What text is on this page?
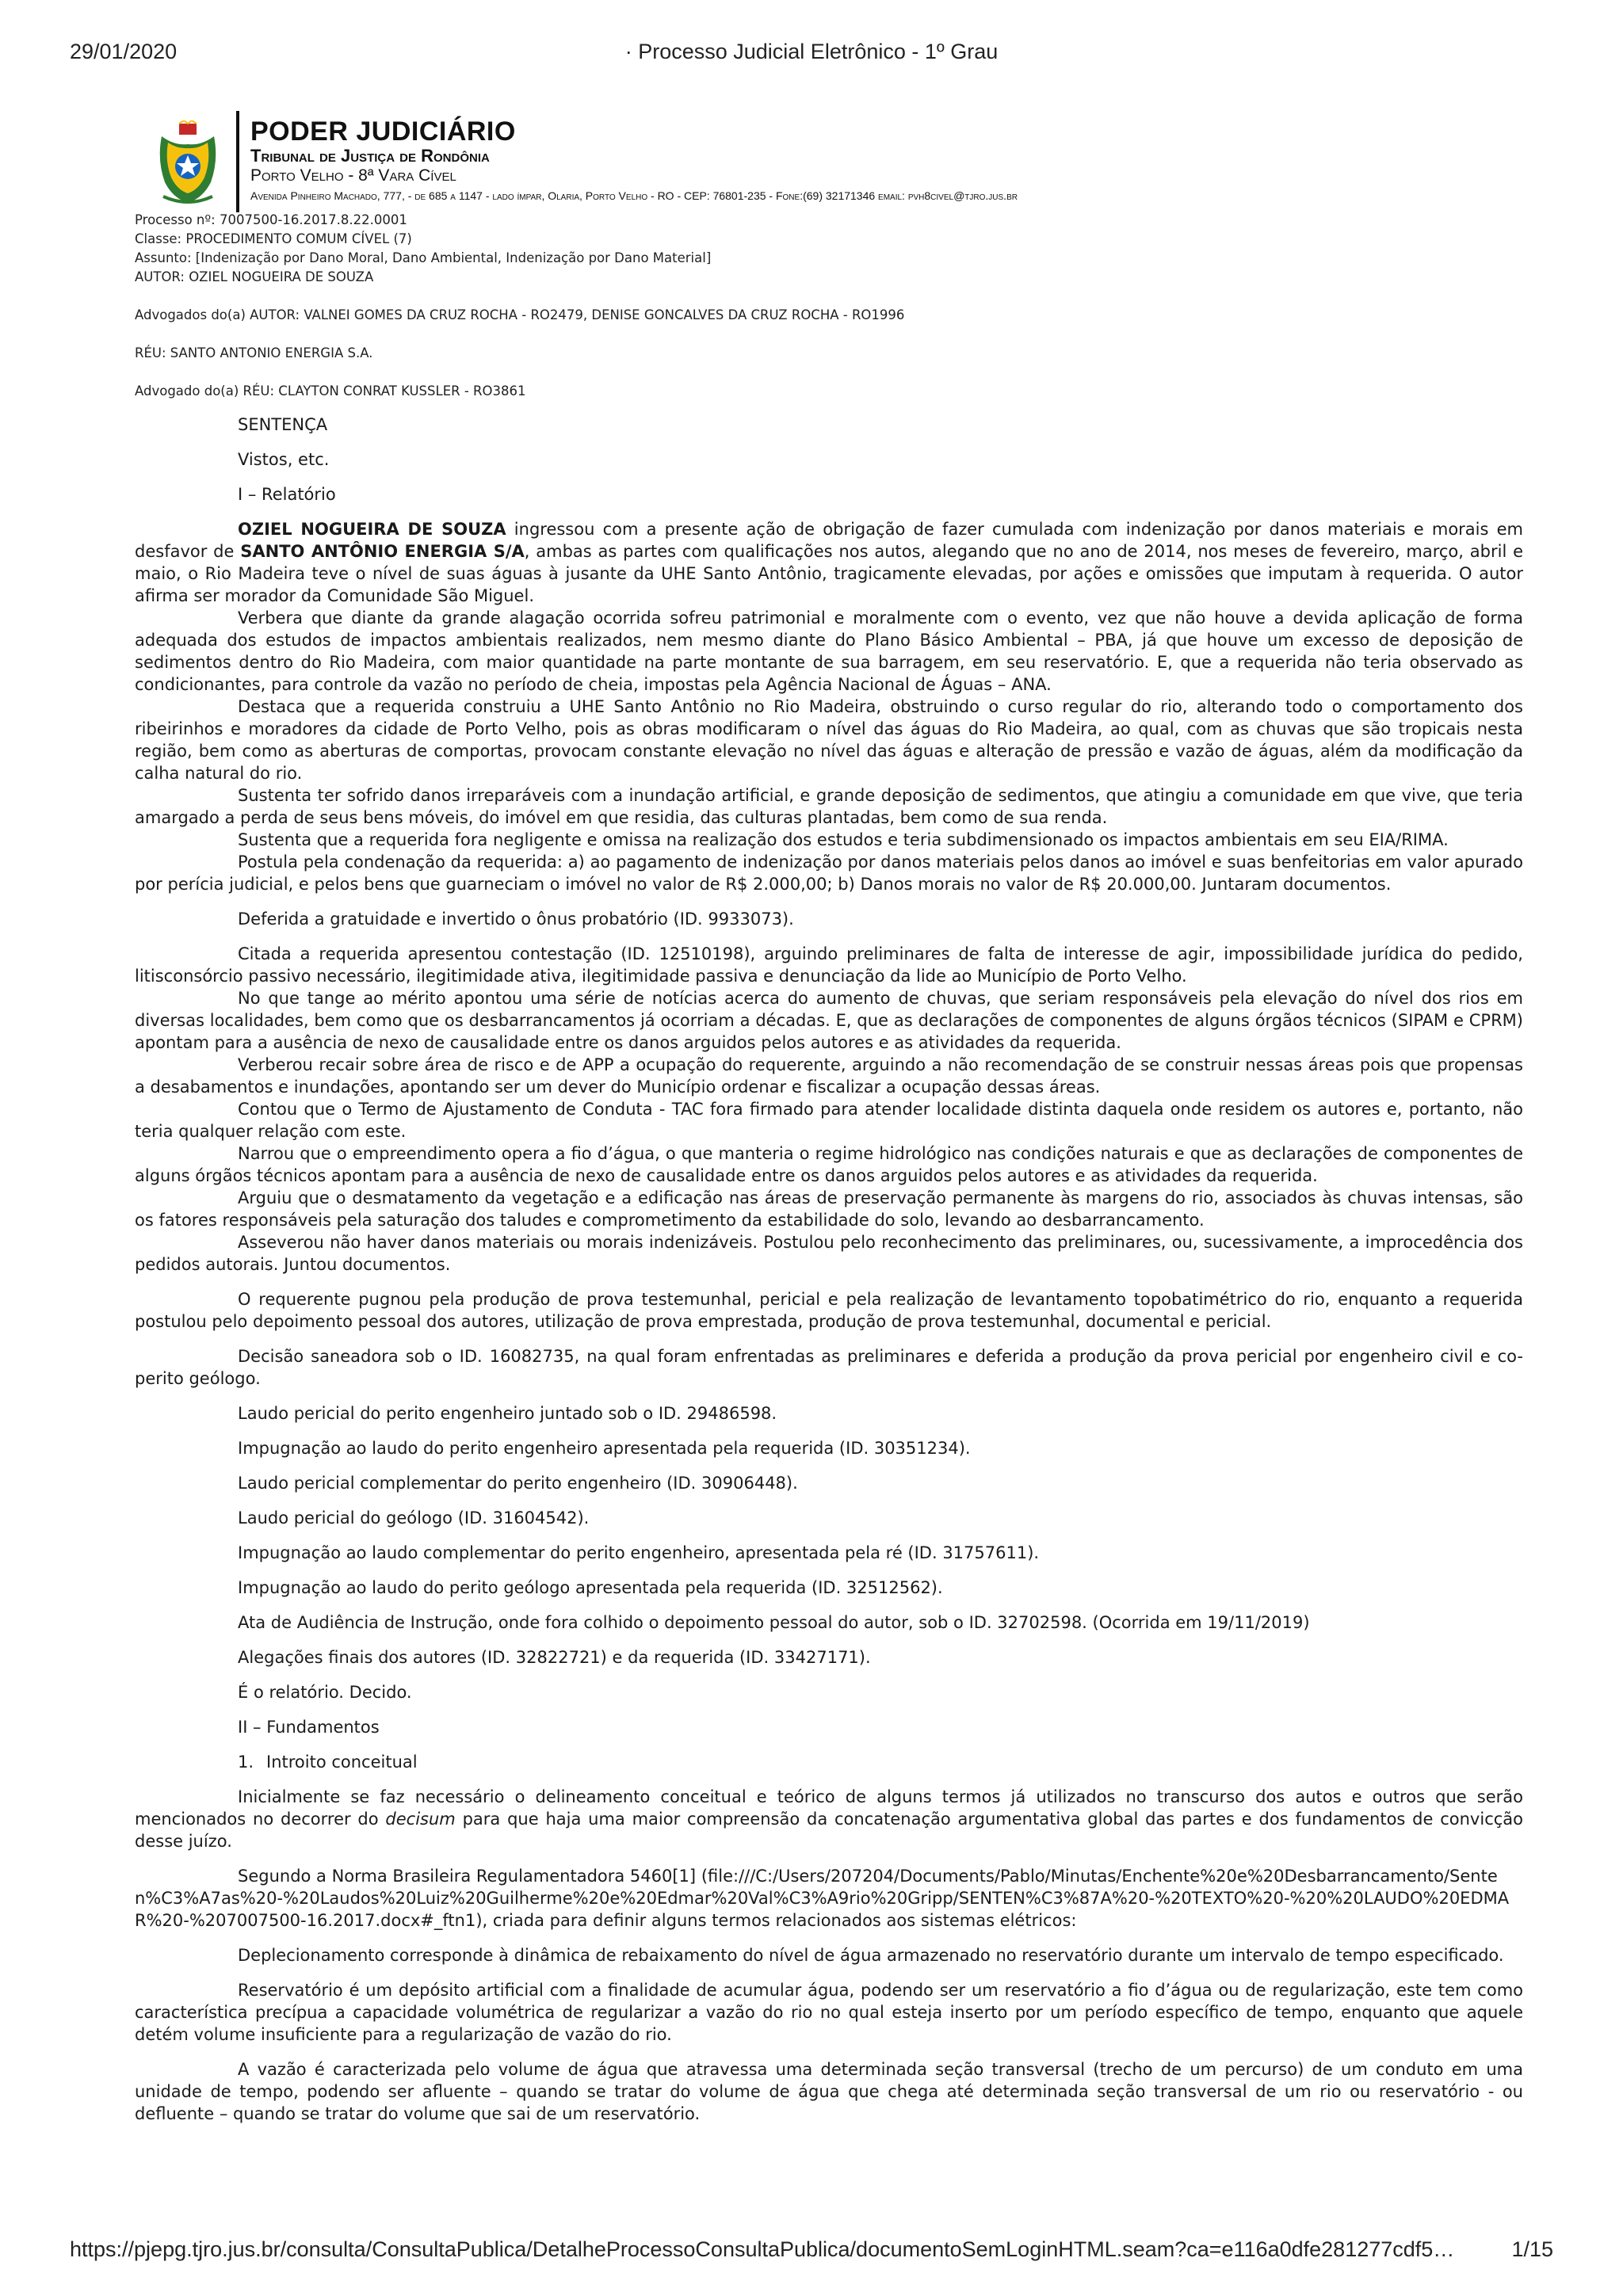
29/01/2020	· Processo Judicial Eletrônico - 1º Grau
PODER JUDICIÁRIO
Tribunal de Justiça de Rondônia
Porto Velho - 8ª Vara Cível
Avenida Pinheiro Machado, 777, - de 685 a 1147 - lado ímpar, Olaria, Porto Velho - RO - CEP: 76801-235 - Fone:(69) 32171346 email: pvh8civel@tjro.jus.br

Processo nº: 7007500-16.2017.8.22.0001

Classe: PROCEDIMENTO COMUM CÍVEL (7)

Assunto: [Indenização por Dano Moral, Dano Ambiental, Indenização por Dano Material]

AUTOR: OZIEL NOGUEIRA DE SOUZA

Advogados do(a) AUTOR: VALNEI GOMES DA CRUZ ROCHA - RO2479, DENISE GONCALVES DA CRUZ ROCHA - RO1996

RÉU: SANTO ANTONIO ENERGIA S.A.

Advogado do(a) RÉU: CLAYTON CONRAT KUSSLER - RO3861

SENTENÇA

Vistos, etc.

I – Relatório

OZIEL NOGUEIRA DE SOUZA ingressou com a presente ação de obrigação de fazer cumulada com indenização por danos materiais e morais em desfavor de SANTO ANTÔNIO ENERGIA S/A, ambas as partes com qualificações nos autos, alegando que no ano de 2014, nos meses de fevereiro, março, abril e maio, o Rio Madeira teve o nível de suas águas à jusante da UHE Santo Antônio, tragicamente elevadas, por ações e omissões que imputam à requerida. O autor afirma ser morador da Comunidade São Miguel.

Verbera que diante da grande alagação ocorrida sofreu patrimonial e moralmente com o evento, vez que não houve a devida aplicação de forma adequada dos estudos de impactos ambientais realizados, nem mesmo diante do Plano Básico Ambiental – PBA, já que houve um excesso de deposição de sedimentos dentro do Rio Madeira, com maior quantidade na parte montante de sua barragem, em seu reservatório. E, que a requerida não teria observado as condicionantes, para controle da vazão no período de cheia, impostas pela Agência Nacional de Águas – ANA.

Destaca que a requerida construiu a UHE Santo Antônio no Rio Madeira, obstruindo o curso regular do rio, alterando todo o comportamento dos ribeirinhos e moradores da cidade de Porto Velho, pois as obras modificaram o nível das águas do Rio Madeira, ao qual, com as chuvas que são tropicais nesta região, bem como as aberturas de comportas, provocam constante elevação no nível das águas e alteração de pressão e vazão de águas, além da modificação da calha natural do rio.

Sustenta ter sofrido danos irreparáveis com a inundação artificial, e grande deposição de sedimentos, que atingiu a comunidade em que vive, que teria amargado a perda de seus bens móveis, do imóvel em que residia, das culturas plantadas, bem como de sua renda.

Sustenta que a requerida fora negligente e omissa na realização dos estudos e teria subdimensionado os impactos ambientais em seu EIA/RIMA.

Postula pela condenação da requerida: a) ao pagamento de indenização por danos materiais pelos danos ao imóvel e suas benfeitorias em valor apurado por perícia judicial, e pelos bens que guarneciam o imóvel no valor de R$ 2.000,00; b) Danos morais no valor de R$ 20.000,00. Juntaram documentos.

Deferida a gratuidade e invertido o ônus probatório (ID. 9933073).

Citada a requerida apresentou contestação (ID. 12510198), arguindo preliminares de falta de interesse de agir, impossibilidade jurídica do pedido, litisconsórcio passivo necessário, ilegitimidade ativa, ilegitimidade passiva e denunciação da lide ao Município de Porto Velho.

No que tange ao mérito apontou uma série de notícias acerca do aumento de chuvas, que seriam responsáveis pela elevação do nível dos rios em diversas localidades, bem como que os desbarrancamentos já ocorriam a décadas. E, que as declarações de componentes de alguns órgãos técnicos (SIPAM e CPRM) apontam para a ausência de nexo de causalidade entre os danos arguidos pelos autores e as atividades da requerida.

Verberou recair sobre área de risco e de APP a ocupação do requerente, arguindo a não recomendação de se construir nessas áreas pois que propensas a desabamentos e inundações, apontando ser um dever do Município ordenar e fiscalizar a ocupação dessas áreas.

Contou que o Termo de Ajustamento de Conduta - TAC fora firmado para atender localidade distinta daquela onde residem os autores e, portanto, não teria qualquer relação com este.

Narrou que o empreendimento opera a fio d’água, o que manteria o regime hidrológico nas condições naturais e que as declarações de componentes de alguns órgãos técnicos apontam para a ausência de nexo de causalidade entre os danos arguidos pelos autores e as atividades da requerida.

Arguiu que o desmatamento da vegetação e a edificação nas áreas de preservação permanente às margens do rio, associados às chuvas intensas, são os fatores responsáveis pela saturação dos taludes e comprometimento da estabilidade do solo, levando ao desbarrancamento.

Asseverou não haver danos materiais ou morais indenizáveis. Postulou pelo reconhecimento das preliminares, ou, sucessivamente, a improcedência dos pedidos autorais. Juntou documentos.

O requerente pugnou pela produção de prova testemunhal, pericial e pela realização de levantamento topobatimétrico do rio, enquanto a requerida postulou pelo depoimento pessoal dos autores, utilização de prova emprestada, produção de prova testemunhal, documental e pericial.

Decisão saneadora sob o ID. 16082735, na qual foram enfrentadas as preliminares e deferida a produção da prova pericial por engenheiro civil e co-perito geólogo.

Laudo pericial do perito engenheiro juntado sob o ID. 29486598.

Impugnação ao laudo do perito engenheiro apresentada pela requerida (ID. 30351234).

Laudo pericial complementar do perito engenheiro (ID. 30906448).

Laudo pericial do geólogo (ID. 31604542).

Impugnação ao laudo complementar do perito engenheiro, apresentada pela ré (ID. 31757611).

Impugnação ao laudo do perito geólogo apresentada pela requerida (ID. 32512562).

Ata de Audiência de Instrução, onde fora colhido o depoimento pessoal do autor, sob o ID. 32702598. (Ocorrida em 19/11/2019)

Alegações finais dos autores (ID. 32822721) e da requerida (ID. 33427171).

É o relatório. Decido.

II – Fundamentos

1. Introito conceitual

Inicialmente se faz necessário o delineamento conceitual e teórico de alguns termos já utilizados no transcurso dos autos e outros que serão mencionados no decorrer do decisum para que haja uma maior compreensão da concatenação argumentativa global das partes e dos fundamentos de convicção desse juízo.

Segundo a Norma Brasileira Regulamentadora 5460[1] (file:///C:/Users/207204/Documents/Pablo/Minutas/Enchente%20e%20Desbarrancamento/Senten%C3%A7as%20-%20Laudos%20Luiz%20Guilherme%20e%20Edmar%20Val%C3%A9rio%20Gripp/SENTEN%C3%87A%20-%20TEXTO%20-%20%20LAUDO%20EDMAR%20-%207007500-16.2017.docx#_ftn1), criada para definir alguns termos relacionados aos sistemas elétricos:

Deplecionamento corresponde à dinâmica de rebaixamento do nível de água armazenado no reservatório durante um intervalo de tempo especificado.

Reservatório é um depósito artificial com a finalidade de acumular água, podendo ser um reservatório a fio d’água ou de regularização, este tem como característica precípua a capacidade volumétrica de regularizar a vazão do rio no qual esteja inserto por um período específico de tempo, enquanto que aquele detém volume insuficiente para a regularização de vazão do rio.

A vazão é caracterizada pelo volume de água que atravessa uma determinada seção transversal (trecho de um percurso) de um conduto em uma unidade de tempo, podendo ser afluente – quando se tratar do volume de água que chega até determinada seção transversal de um rio ou reservatório - ou defluente – quando se tratar do volume que sai de um reservatório.

https://pjepg.tjro.jus.br/consulta/ConsultaPublica/DetalheProcessoConsultaPublica/documentoSemLoginHTML.seam?ca=e116a0dfe281277cdf5…	1/15
